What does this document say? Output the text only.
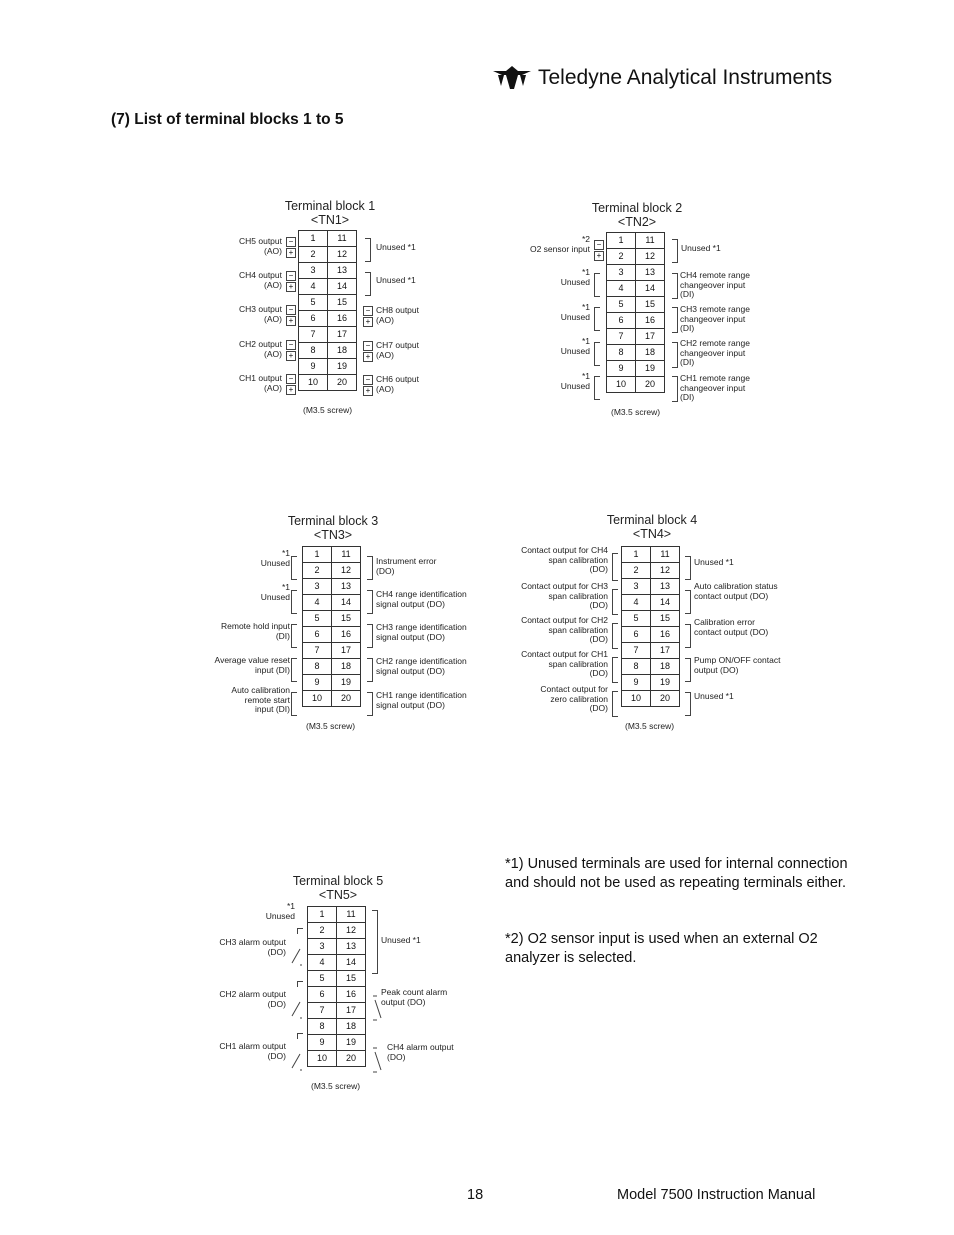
Teledyne Analytical Instruments
(7) List of terminal blocks 1 to 5
Terminal block 1
<TN1>
1	11
2	12
3	13
4	14
5	15
6	16
7	17
8	18
9	19
10	20
(M3.5 screw)
CH5 output
(AO)
CH4 output
(AO)
CH3 output
(AO)
CH2 output
(AO)
CH1 output
(AO)
−
+
−
+
−
+
−
+
−
+
−
+
−
+
−
+
Unused *1
Unused *1
CH8 output
(AO)
CH7 output
(AO)
CH6 output
(AO)
Terminal block 2
<TN2>
1	11
2	12
3	13
4	14
5	15
6	16
7	17
8	18
9	19
10	20
(M3.5 screw)
*2
O2 sensor input
*1
Unused
*1
Unused
*1
Unused
*1
Unused
−
+
Unused *1
CH4 remote range
changeover input
(DI)
CH3 remote range
changeover input
(DI)
CH2 remote range
changeover input
(DI)
CH1 remote range
changeover input
(DI)
Terminal block 3
<TN3>
1	11
2	12
3	13
4	14
5	15
6	16
7	17
8	18
9	19
10	20
(M3.5 screw)
*1
Unused
*1
Unused
Remote hold input
(DI)
Average value reset
input (DI)
Auto calibration
remote start
input (DI)
Instrument error
(DO)
CH4 range identification
signal output (DO)
CH3 range identification
signal output (DO)
CH2 range identification
signal output (DO)
CH1 range identification
signal output (DO)
Terminal block 4
<TN4>
1	11
2	12
3	13
4	14
5	15
6	16
7	17
8	18
9	19
10	20
(M3.5 screw)
Contact output for CH4
span calibration
(DO)
Contact output for CH3
span calibration
(DO)
Contact output for CH2
span calibration
(DO)
Contact output for CH1
span calibration
(DO)
Contact output for
zero calibration
(DO)
Unused *1
Auto calibration status
contact output (DO)
Calibration error
contact output (DO)
Pump ON/OFF contact
output (DO)
Unused *1
Terminal block 5
<TN5>
1	11
2	12
3	13
4	14
5	15
6	16
7	17
8	18
9	19
10	20
(M3.5 screw)
*1
Unused
CH3 alarm output
(DO)
CH2 alarm output
(DO)
CH1 alarm output
(DO)
Unused *1
Peak count alarm
output (DO)
CH4 alarm output
(DO)
*1) Unused terminals are used for internal connection and should not be used as repeating terminals either.
*2) O2 sensor input is used when an external O2 analyzer is selected.
18	Model 7500 Instruction Manual
